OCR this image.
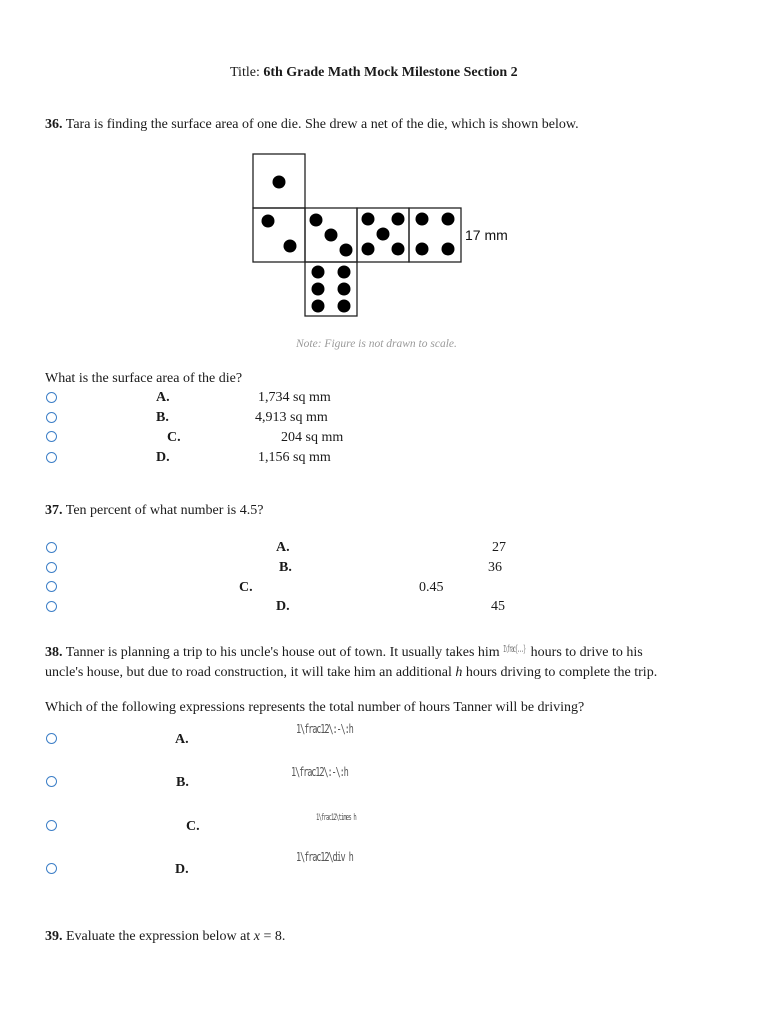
Title: 6th Grade Math Mock Milestone Section 2
36. Tara is finding the surface area of one die. She drew a net of the die, which is shown below.
17 mm
Note: Figure is not drawn to scale.
What is the surface area of the die?
A.	1,734 sq mm
B.	4,913 sq mm
C.	204 sq mm
D.	1,156 sq mm
37. Ten percent of what number is 4.5?
A.	27
B.	36
C.	0.45
D.	45
38. Tanner is planning a trip to his uncle's house out of town. It usually takes him 1\frac{...} hours to drive to his
uncle's house, but due to road construction, it will take him an additional h hours driving to complete the trip.
Which of the following expressions represents the total number of hours Tanner will be driving?
A.
1\frac12\:-\:h
B.
1\frac12\:-\:h
C.
1\frac12\times h
D.
1\frac12\div h
39. Evaluate the expression below at x = 8.
